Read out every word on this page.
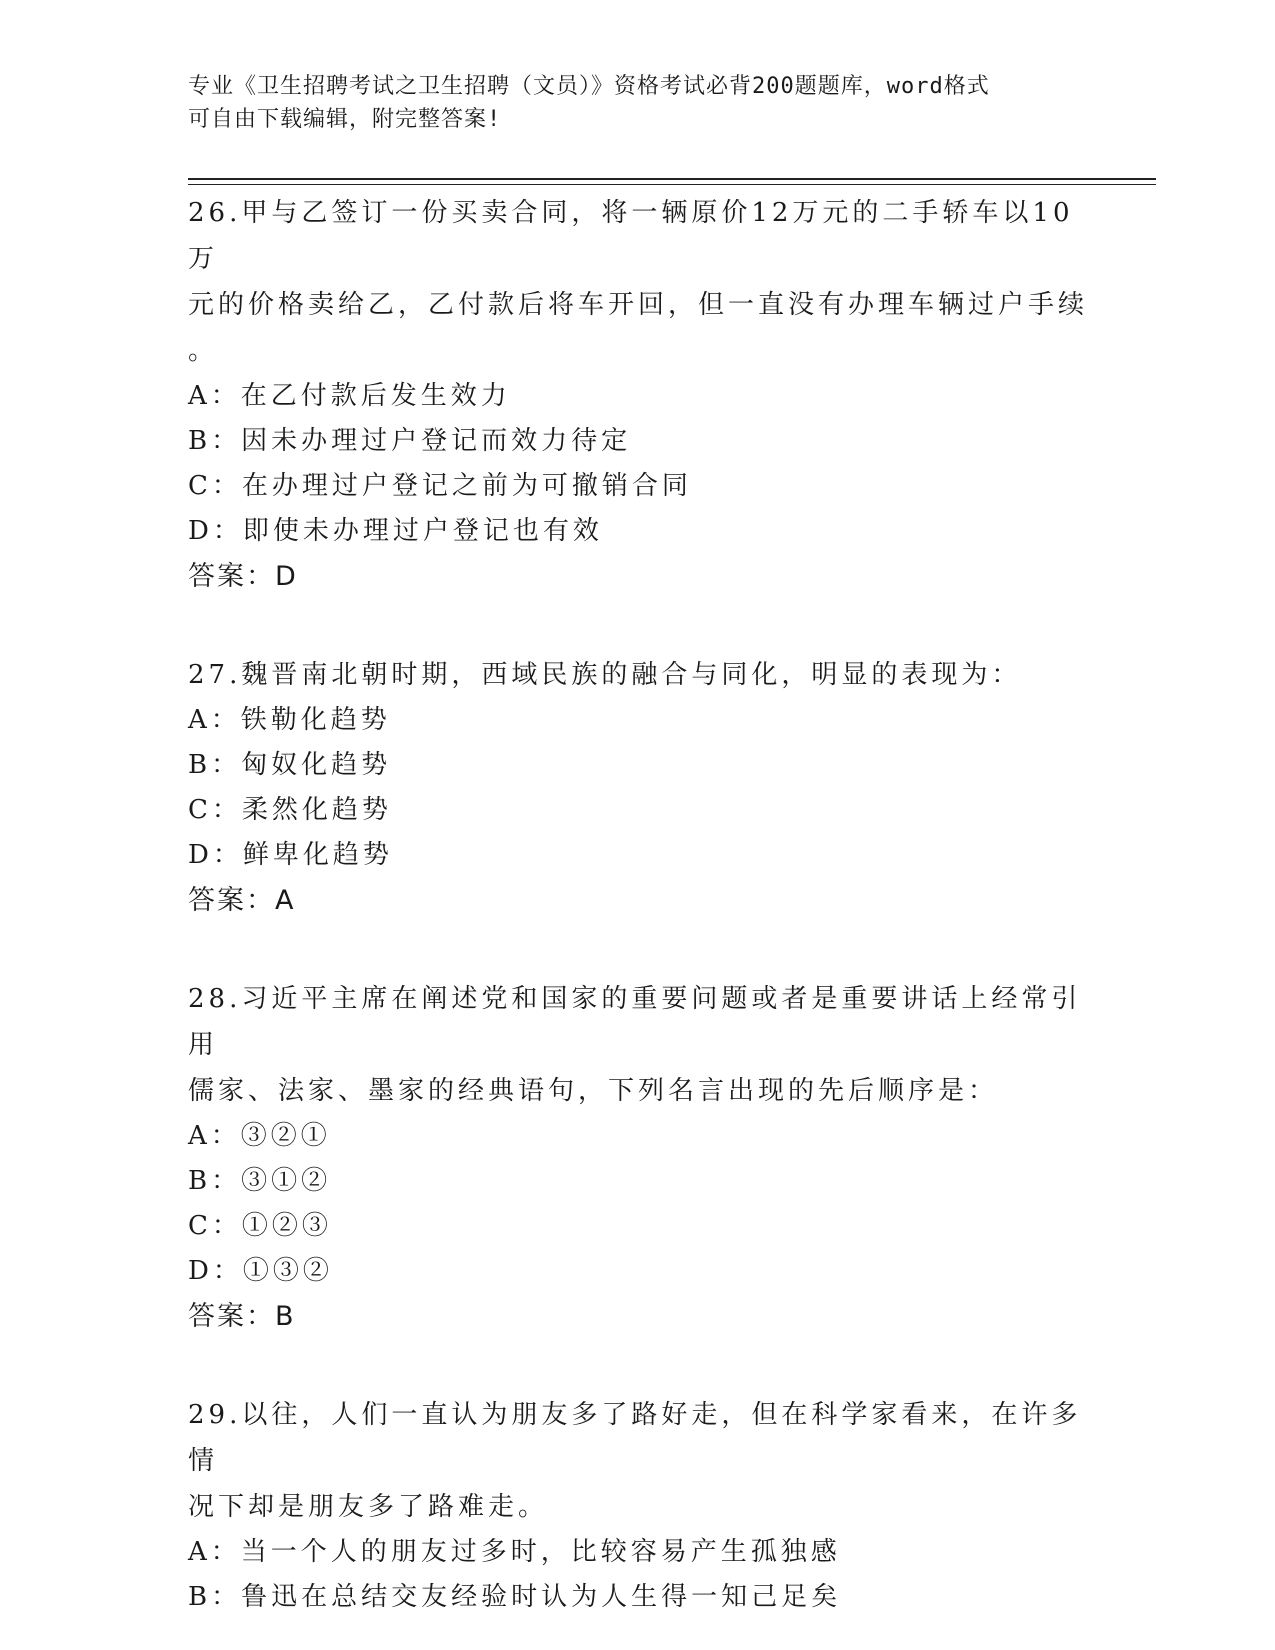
专业《卫生招聘考试之卫生招聘（文员）》资格考试必背200题题库，word格式
可自由下载编辑，附完整答案!

26.甲与乙签订一份买卖合同，将一辆原价12万元的二手轿车以10万

元的价格卖给乙，乙付款后将车开回，但一直没有办理车辆过户手续

。

A：在乙付款后发生效力

B：因未办理过户登记而效力待定

C：在办理过户登记之前为可撤销合同

D：即使未办理过户登记也有效

答案：D

27.魏晋南北朝时期，西域民族的融合与同化，明显的表现为：

A：铁勒化趋势

B：匈奴化趋势

C：柔然化趋势

D：鲜卑化趋势

答案：A

28.习近平主席在阐述党和国家的重要问题或者是重要讲话上经常引用

儒家、法家、墨家的经典语句，下列名言出现的先后顺序是：

A：③②①

B：③①②

C：①②③

D：①③②

答案：B

29.以往，人们一直认为朋友多了路好走，但在科学家看来，在许多情

况下却是朋友多了路难走。

A：当一个人的朋友过多时，比较容易产生孤独感

B：鲁迅在总结交友经验时认为人生得一知己足矣
